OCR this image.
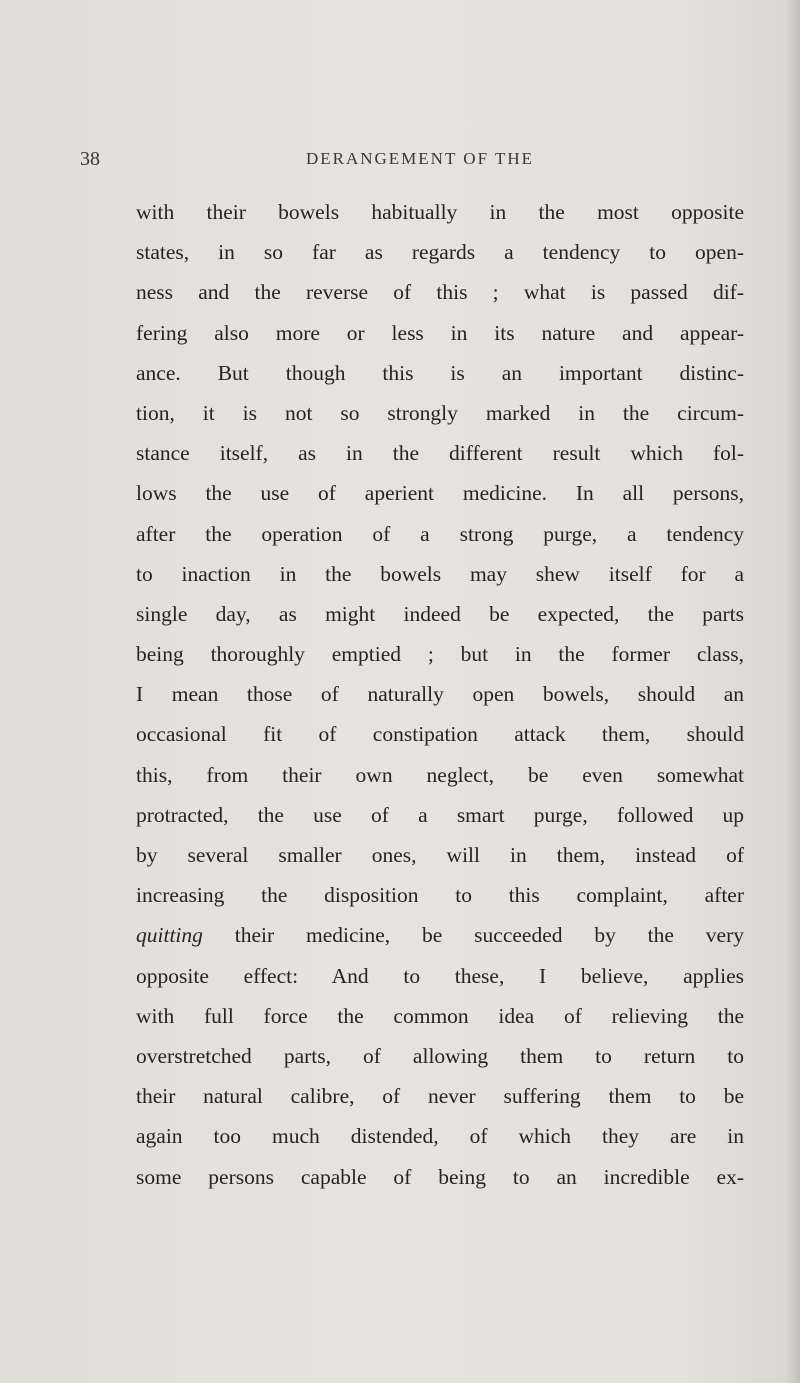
38	DERANGEMENT OF THE
with their bowels habitually in the most opposite
states, in so far as regards a tendency to open-
ness and the reverse of this ; what is passed dif-
fering also more or less in its nature and appear-
ance. But though this is an important distinc-
tion, it is not so strongly marked in the circum-
stance itself, as in the different result which fol-
lows the use of aperient medicine. In all persons,
after the operation of a strong purge, a tendency
to inaction in the bowels may shew itself for a
single day, as might indeed be expected, the parts
being thoroughly emptied ; but in the former class,
I mean those of naturally open bowels, should an
occasional fit of constipation attack them, should
this, from their own neglect, be even somewhat
protracted, the use of a smart purge, followed up
by several smaller ones, will in them, instead of
increasing the disposition to this complaint, after
quitting their medicine, be succeeded by the very
opposite effect: And to these, I believe, applies
with full force the common idea of relieving the
overstretched parts, of allowing them to return to
their natural calibre, of never suffering them to be
again too much distended, of which they are in
some persons capable of being to an incredible ex-
